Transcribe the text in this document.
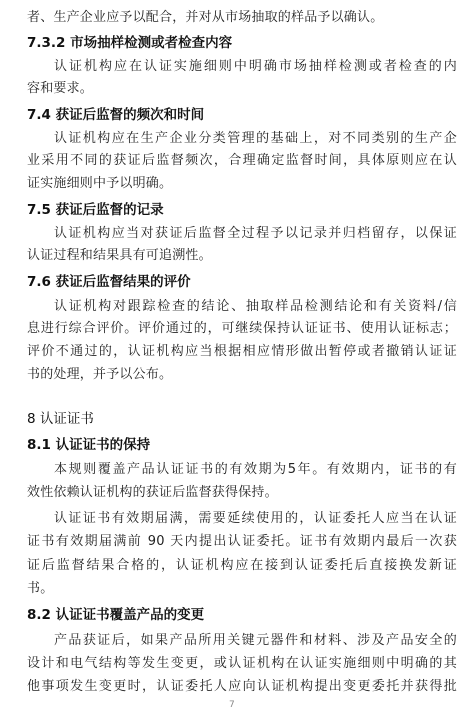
者、生产企业应予以配合，并对从市场抽取的样品予以确认。
7.3.2 市场抽样检测或者检查内容
认证机构应在认证实施细则中明确市场抽样检测或者检查的内
容和要求。
7.4 获证后监督的频次和时间
认证机构应在生产企业分类管理的基础上，对不同类别的生产企
业采用不同的获证后监督频次，合理确定监督时间，具体原则应在认
证实施细则中予以明确。
7.5 获证后监督的记录
认证机构应当对获证后监督全过程予以记录并归档留存，以保证
认证过程和结果具有可追溯性。
7.6 获证后监督结果的评价
认证机构对跟踪检查的结论、抽取样品检测结论和有关资料/信
息进行综合评价。评价通过的，可继续保持认证证书、使用认证标志；
评价不通过的，认证机构应当根据相应情形做出暂停或者撤销认证证
书的处理，并予以公布。
8 认证证书
8.1 认证证书的保持
本规则覆盖产品认证证书的有效期为5年。有效期内，证书的有
效性依赖认证机构的获证后监督获得保持。
认证证书有效期届满，需要延续使用的，认证委托人应当在认证
证书有效期届满前 90 天内提出认证委托。证书有效期内最后一次获
证后监督结果合格的，认证机构应在接到认证委托后直接换发新证
书。
8.2 认证证书覆盖产品的变更
产品获证后，如果产品所用关键元器件和材料、涉及产品安全的
设计和电气结构等发生变更，或认证机构在认证实施细则中明确的其
他事项发生变更时，认证委托人应向认证机构提出变更委托并获得批
7
